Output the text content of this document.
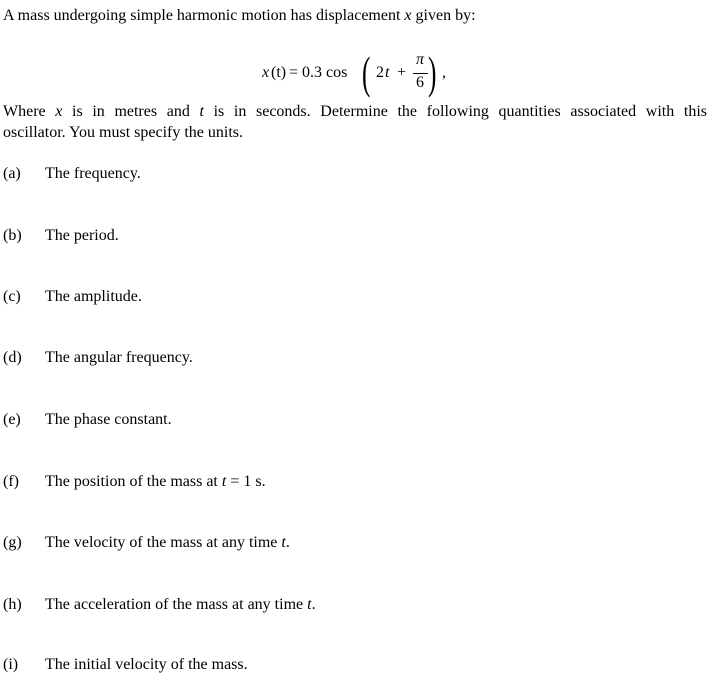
A mass undergoing simple harmonic motion has displacement x given by:
x (t) = 0.3 cos ( 2 t +
π
6 ) ,
Where x is in metres and t is in seconds. Determine the following quantities associated with this
oscillator. You must specify the units.
(a) The frequency.
(b) The period.
(c) The amplitude.
(d) The angular frequency.
(e) The phase constant.
(f) The position of the mass at t = 1 s.
(g) The velocity of the mass at any time t.
(h) The acceleration of the mass at any time t.
(i) The initial velocity of the mass.
